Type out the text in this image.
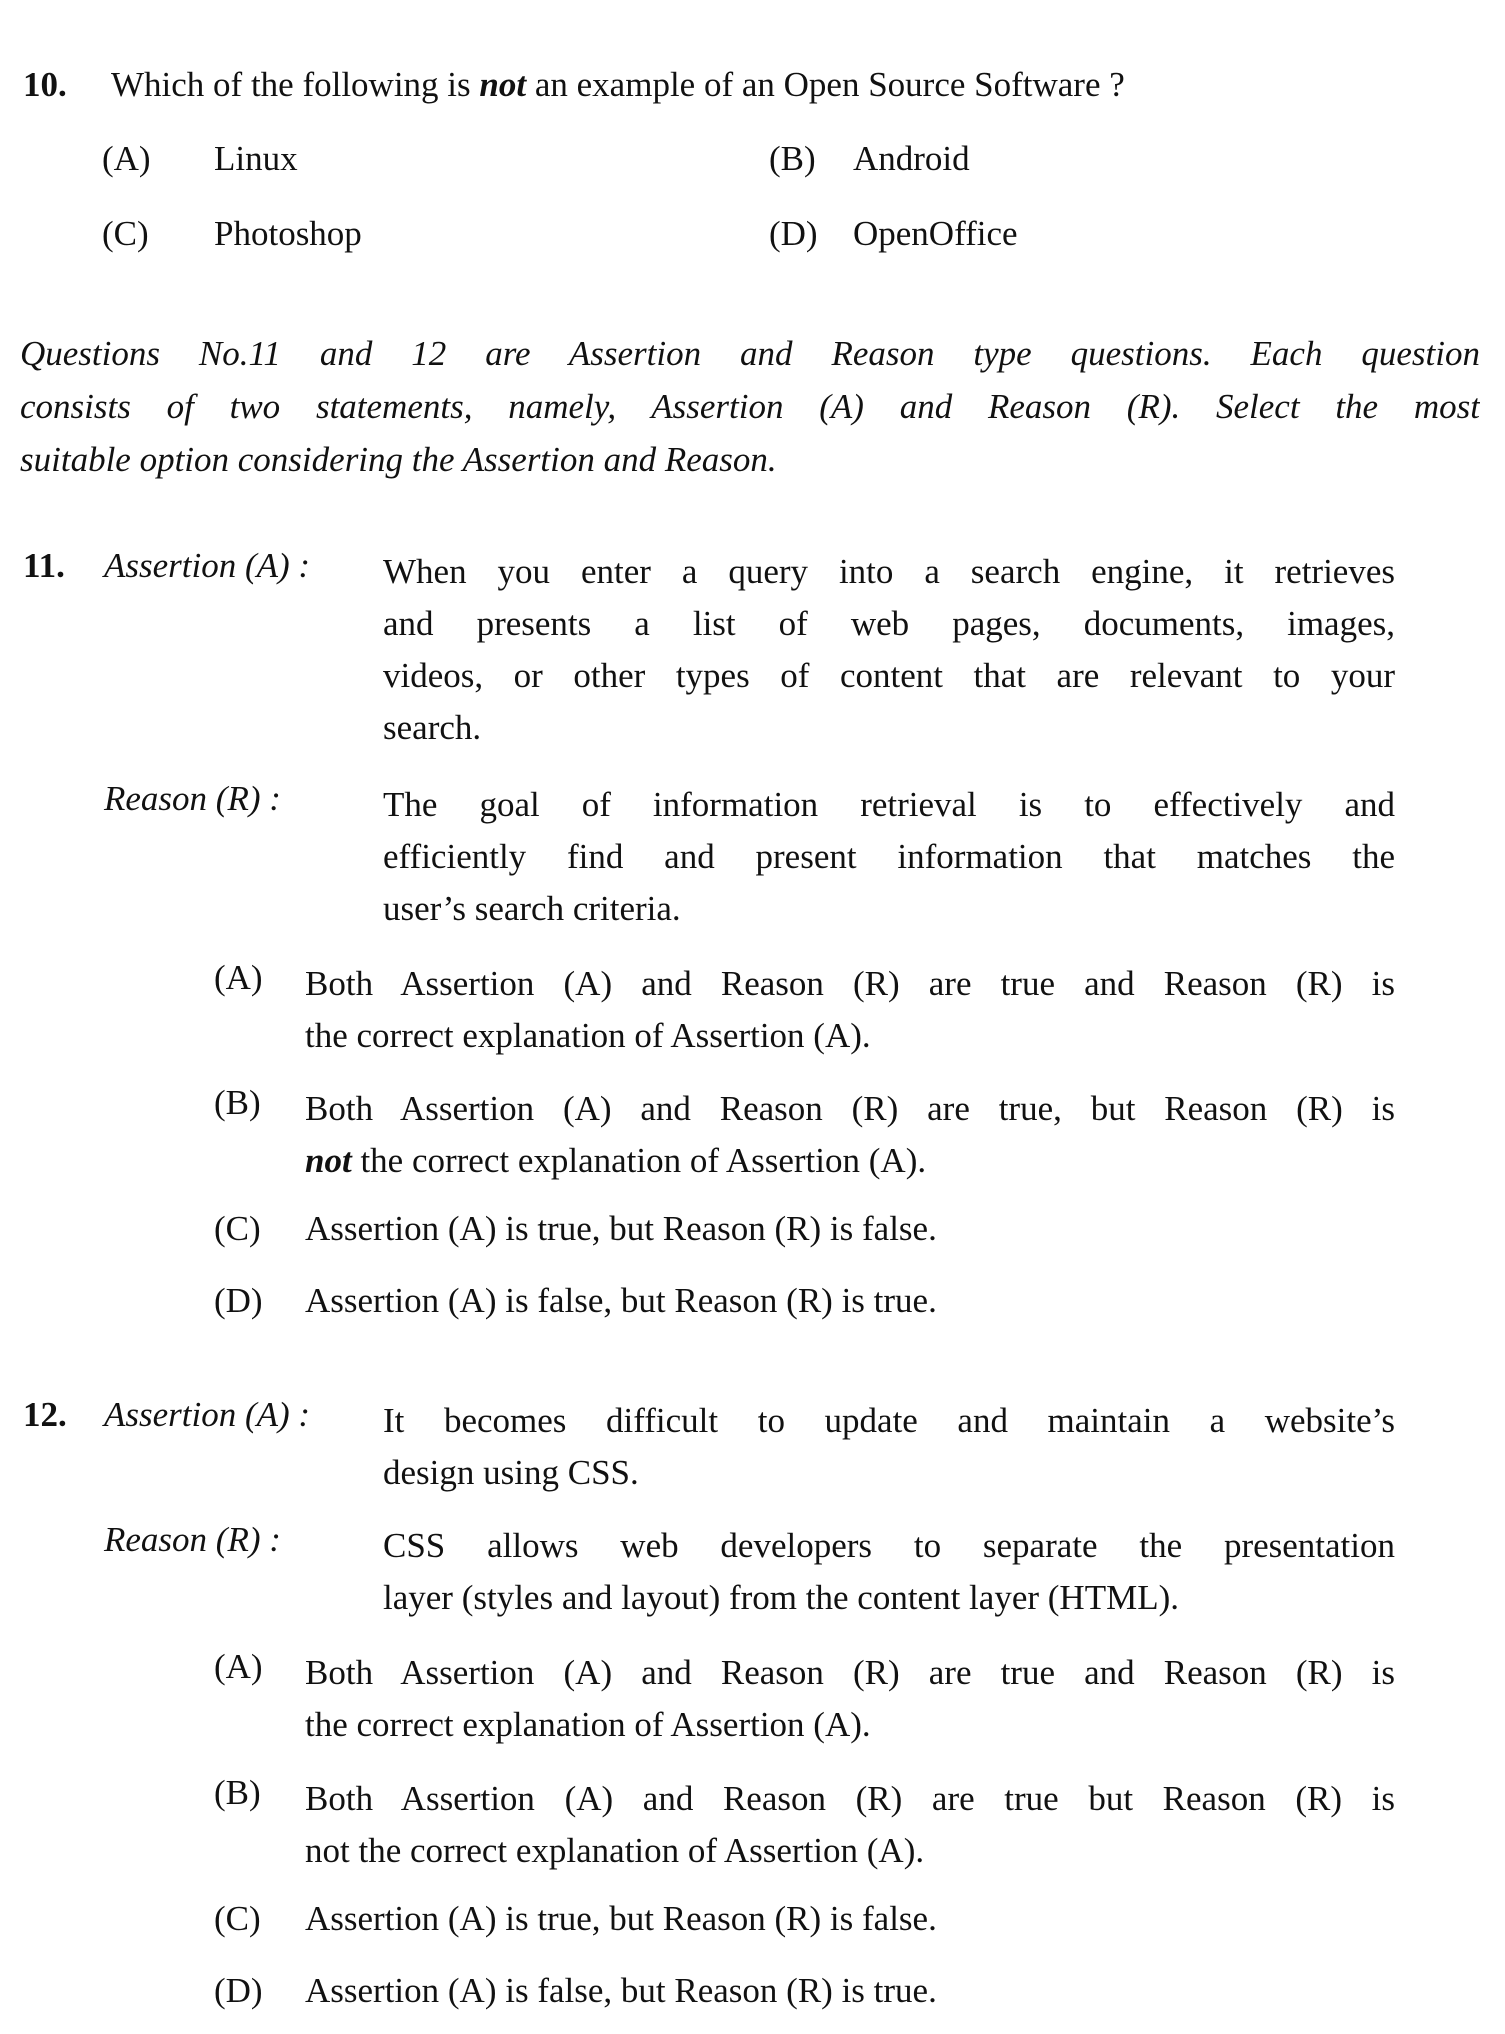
10. Which of the following is not an example of an Open Source Software ?
(A) Linux	(B) Android
(C) Photoshop	(D) OpenOffice
Questions No.11 and 12 are Assertion and Reason type questions. Each question
consists of two statements, namely, Assertion (A) and Reason (R). Select the most
suitable option considering the Assertion and Reason.
11. Assertion (A) : When you enter a query into a search engine, it retrieves
and presents a list of web pages, documents, images,
videos, or other types of content that are relevant to your
search.
Reason (R) :	The goal of information retrieval is to effectively and
efficiently find and present information that matches the
user’s search criteria.
(A) Both Assertion (A) and Reason (R) are true and Reason (R) is
the correct explanation of Assertion (A).
(B) Both Assertion (A) and Reason (R) are true, but Reason (R) is
not the correct explanation of Assertion (A).
(C) Assertion (A) is true, but Reason (R) is false.
(D) Assertion (A) is false, but Reason (R) is true.
12. Assertion (A) : It becomes difficult to update and maintain a website’s
design using CSS.
Reason (R) :	CSS allows web developers to separate the presentation
layer (styles and layout) from the content layer (HTML).
(A) Both Assertion (A) and Reason (R) are true and Reason (R) is
the correct explanation of Assertion (A).
(B) Both Assertion (A) and Reason (R) are true but Reason (R) is
not the correct explanation of Assertion (A).
(C) Assertion (A) is true, but Reason (R) is false.
(D) Assertion (A) is false, but Reason (R) is true.
